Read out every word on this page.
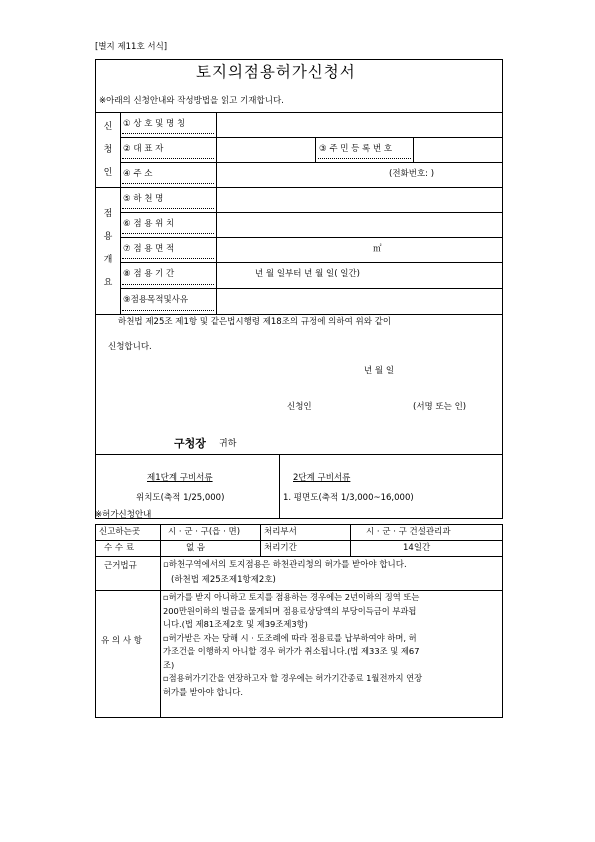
[별지 제11호 서식]
토지의점용허가신청서
※아래의 신청안내와 작성방법을 읽고 기재합니다.
신
청
인
① 상 호 및 명 칭
② 대 표 자	③ 주 민 등 록 번 호
④ 주 소	(전화번호: )
점
용
개
요
⑤ 하 천 명
⑥ 점 용 위 치
⑦ 점 용 면 적	㎡
⑧ 점 용 기 간	년 월 일부터 년 월 일( 일간)
⑨점용목적및사유
하천법 제25조 제1항 및 같은법시행령 제18조의 규정에 의하여 위와 같이
신청합니다.
년 월 일
신청인	(서명 또는 인)
구청장 귀하
제1단계 구비서류
위치도(축적 1/25,000)
2단계 구비서류
1. 평면도(축적 1/3,000~16,000)
※허가신청안내
신고하는곳	시 · 군 · 구(읍 · 면)	처리부서	시 · 군 · 구 건설관리과
수 수 료	없 음	처리기간	14일간
근거법규	▫하천구역에서의 토지점용은 하천관리청의 허가를 받아야 합니다.
(하천법 제25조제1항제2호)
유 의 사 항
▫허가를 받지 아니하고 토지를 점용하는 경우에는 2년이하의 징역 또는
200만원이하의 벌금을 물게되며 점용료상당액의 부당이득금이 부과됩
니다.(법 제81조제2호 및 제39조제3항)
▫허가받은 자는 당해 시 · 도조례에 따라 점용료를 납부하여야 하며, 허
가조건을 이행하지 아니할 경우 허가가 취소됩니다.(법 제33조 및 제67
조)
▫점용허가기간을 연장하고자 할 경우에는 허가기간종료 1월전까지 연장
허가를 받아야 합니다.
